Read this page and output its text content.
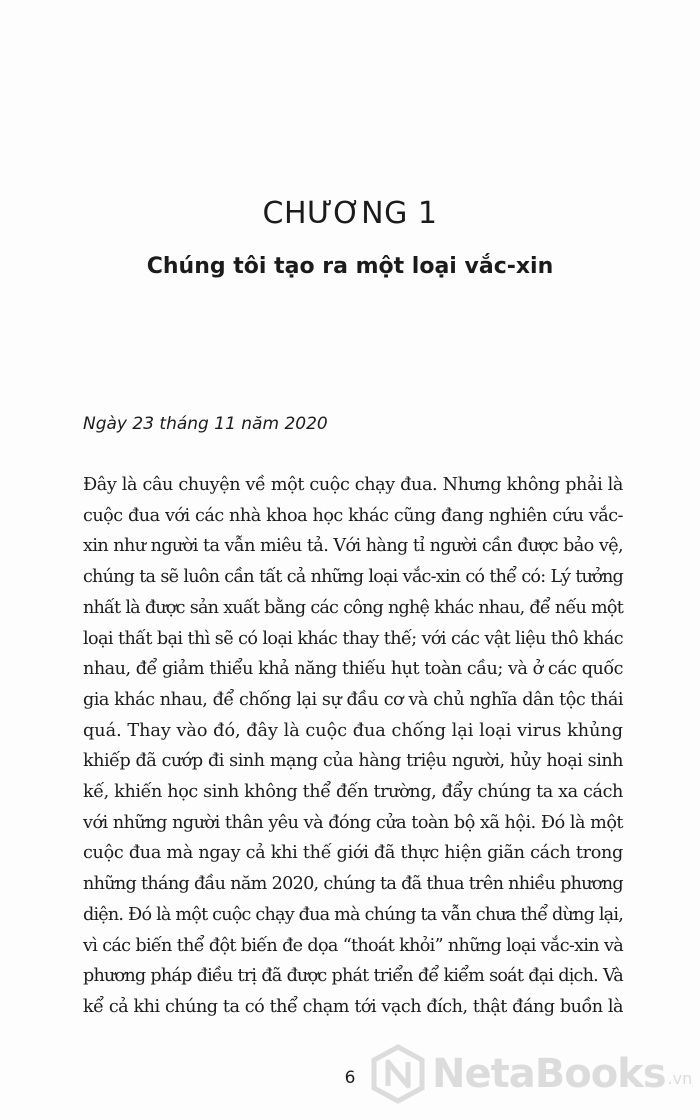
CHƯƠNG 1
Chúng tôi tạo ra một loại vắc-xin
Ngày 23 tháng 11 năm 2020
Đây là câu chuyện về một cuộc chạy đua. Nhưng không phải là
cuộc đua với các nhà khoa học khác cũng đang nghiên cứu vắc-
xin như người ta vẫn miêu tả. Với hàng tỉ người cần được bảo vệ,
chúng ta sẽ luôn cần tất cả những loại vắc-xin có thể có: Lý tưởng
nhất là được sản xuất bằng các công nghệ khác nhau, để nếu một
loại thất bại thì sẽ có loại khác thay thế; với các vật liệu thô khác
nhau, để giảm thiểu khả năng thiếu hụt toàn cầu; và ở các quốc
gia khác nhau, để chống lại sự đầu cơ và chủ nghĩa dân tộc thái
quá. Thay vào đó, đây là cuộc đua chống lại loại virus khủng
khiếp đã cướp đi sinh mạng của hàng triệu người, hủy hoại sinh
kế, khiến học sinh không thể đến trường, đẩy chúng ta xa cách
với những người thân yêu và đóng cửa toàn bộ xã hội. Đó là một
cuộc đua mà ngay cả khi thế giới đã thực hiện giãn cách trong
những tháng đầu năm 2020, chúng ta đã thua trên nhiều phương
diện. Đó là một cuộc chạy đua mà chúng ta vẫn chưa thể dừng lại,
vì các biến thể đột biến đe dọa “thoát khỏi” những loại vắc-xin và
phương pháp điều trị đã được phát triển để kiểm soát đại dịch. Và
kể cả khi chúng ta có thể chạm tới vạch đích, thật đáng buồn là
6	NetaBooks .vn
